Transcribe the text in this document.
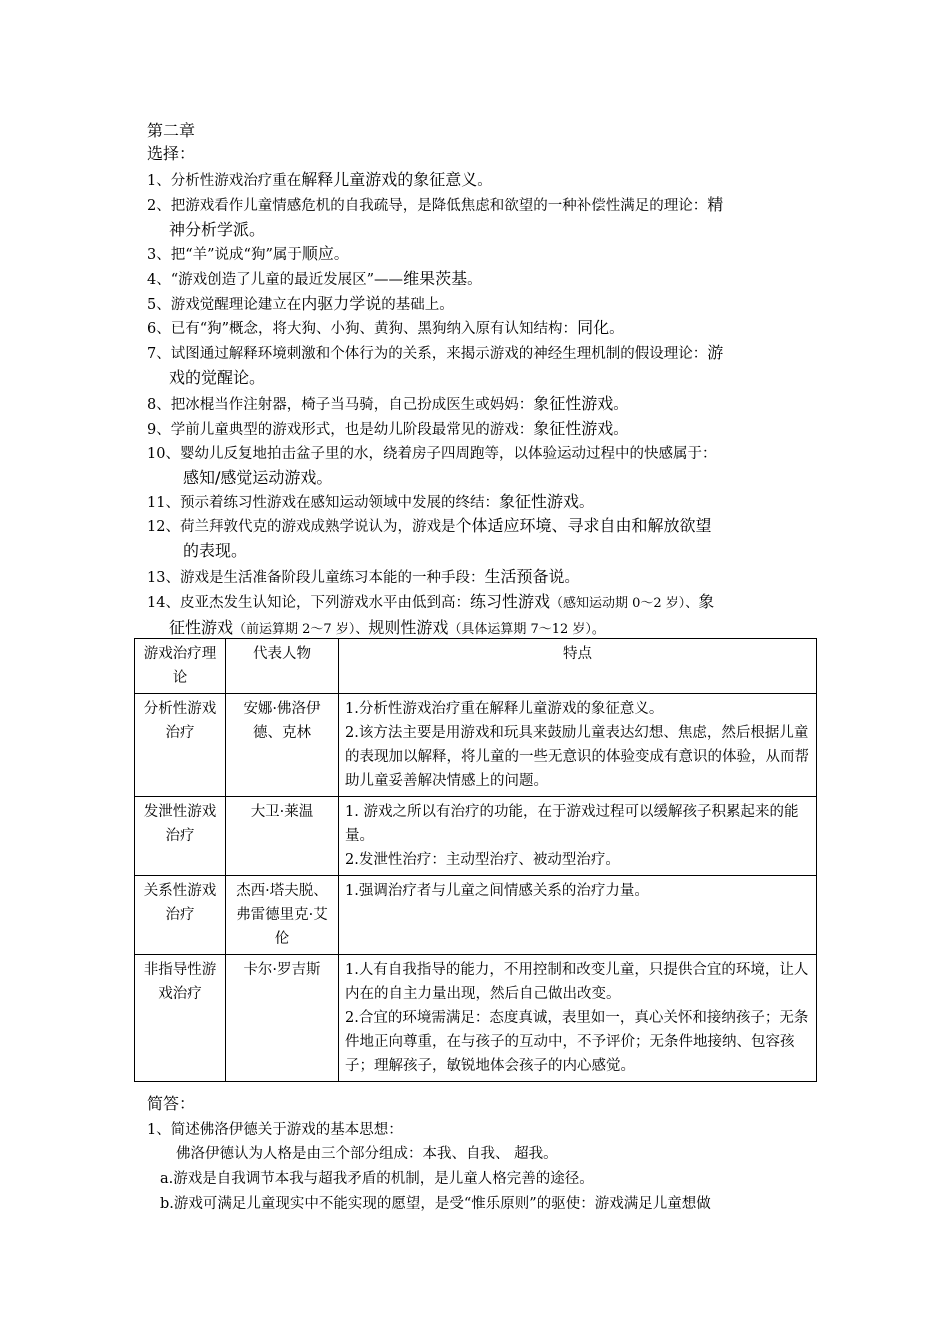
第二章
选择：
1、分析性游戏治疗重在解释儿童游戏的象征意义。
2、把游戏看作儿童情感危机的自我疏导，是降低焦虑和欲望的一种补偿性满足的理论：精
神分析学派。
3、把“羊”说成“狗”属于顺应。
4、“游戏创造了儿童的最近发展区”——维果茨基。
5、游戏觉醒理论建立在内驱力学说的基础上。
6、已有“狗”概念，将大狗、小狗、黄狗、黑狗纳入原有认知结构：同化。
7、试图通过解释环境刺激和个体行为的关系，来揭示游戏的神经生理机制的假设理论：游
戏的觉醒论。
8、把冰棍当作注射器，椅子当马骑，自己扮成医生或妈妈：象征性游戏。
9、学前儿童典型的游戏形式，也是幼儿阶段最常见的游戏：象征性游戏。
10、婴幼儿反复地拍击盆子里的水，绕着房子四周跑等，以体验运动过程中的快感属于：
感知/感觉运动游戏。
11、预示着练习性游戏在感知运动领域中发展的终结：象征性游戏。
12、荷兰拜敦代克的游戏成熟学说认为，游戏是个体适应环境、寻求自由和解放欲望
的表现。
13、游戏是生活准备阶段儿童练习本能的一种手段：生活预备说。
14、皮亚杰发生认知论，下列游戏水平由低到高：练习性游戏（感知运动期 0～2 岁）、象
征性游戏（前运算期 2～7 岁）、规则性游戏（具体运算期 7～12 岁）。
游戏治疗理论	代表人物	特点
分析性游戏治疗	安娜·佛洛伊德、克林	1.分析性游戏治疗重在解释儿童游戏的象征意义。
2.该方法主要是用游戏和玩具来鼓励儿童表达幻想、焦虑，然后根据儿童的表现加以解释，将儿童的一些无意识的体验变成有意识的体验，从而帮助儿童妥善解决情感上的问题。

发泄性游戏治疗	大卫·莱温	1. 游戏之所以有治疗的功能，在于游戏过程可以缓解孩子积累起来的能量。
2.发泄性治疗：主动型治疗、被动型治疗。

关系性游戏治疗	杰西·塔夫脱、弗雷德里克·艾伦	1.强调治疗者与儿童之间情感关系的治疗力量。

非指导性游戏治疗	卡尔·罗吉斯	1.人有自我指导的能力，不用控制和改变儿童，只提供合宜的环境，让人内在的自主力量出现，然后自己做出改变。
2.合宜的环境需满足：态度真诚，表里如一，真心关怀和接纳孩子；无条件地正向尊重，在与孩子的互动中，不予评价；无条件地接纳、包容孩子；理解孩子，敏锐地体会孩子的内心感觉。
简答：
1、简述佛洛伊德关于游戏的基本思想：
佛洛伊德认为人格是由三个部分组成：本我、自我、 超我。
a.游戏是自我调节本我与超我矛盾的机制，是儿童人格完善的途径。
b.游戏可满足儿童现实中不能实现的愿望，是受“惟乐原则”的驱使：游戏满足儿童想做
